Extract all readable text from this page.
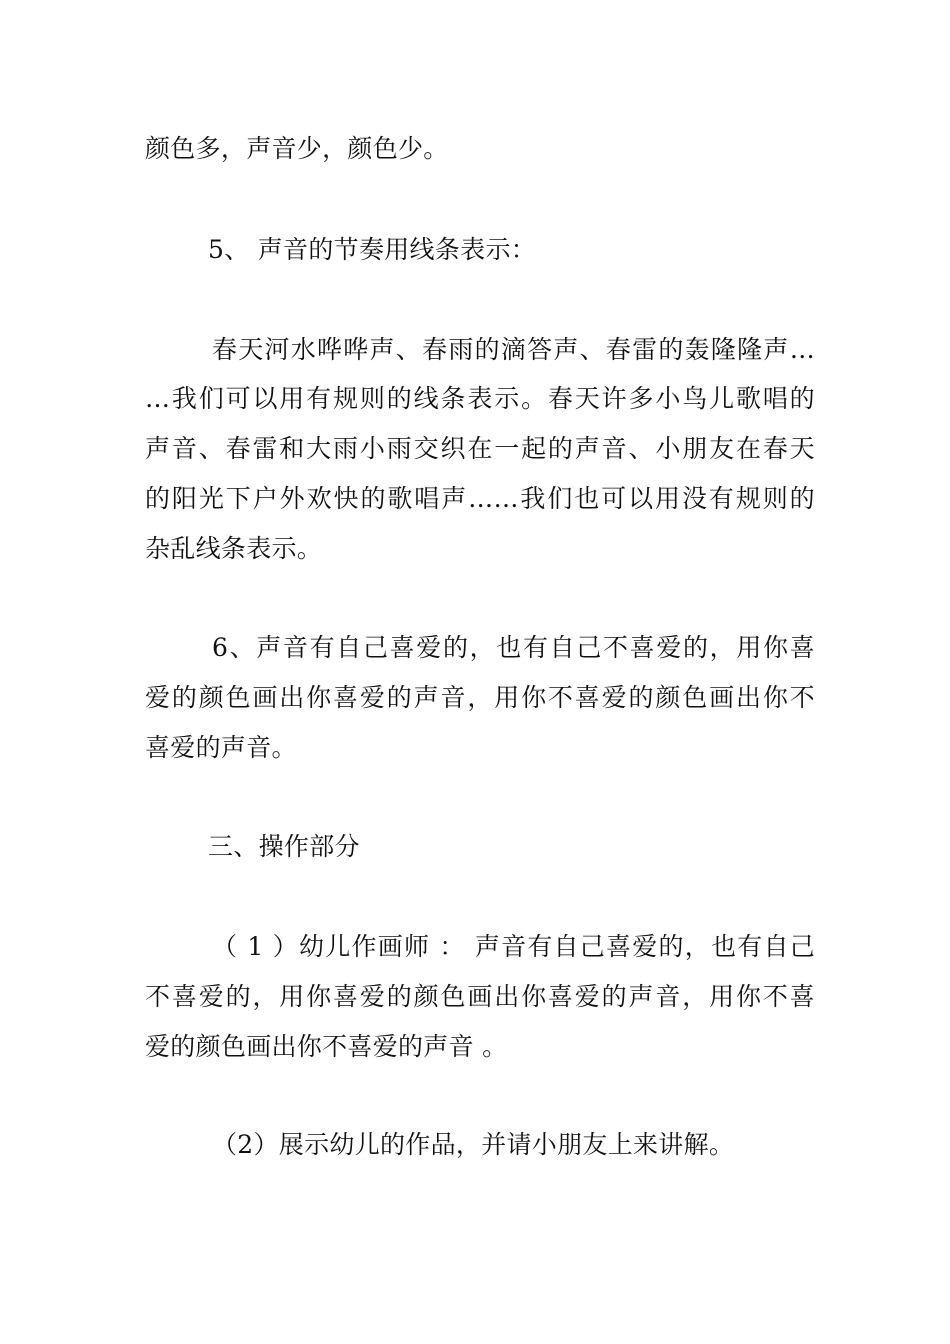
颜色多，声音少，颜色少。
5、 声音的节奏用线条表示：
春天河水哗哗声、春雨的滴答声、春雷的轰隆隆声…
…我们可以用有规则的线条表示。春天许多小鸟儿歌唱的
声音、春雷和大雨小雨交织在一起的声音、小朋友在春天
的阳光下户外欢快的歌唱声……我们也可以用没有规则的
杂乱线条表示。
6、声音有自己喜爱的，也有自己不喜爱的，用你喜
爱的颜色画出你喜爱的声音，用你不喜爱的颜色画出你不
喜爱的声音。
三、操作部分
（ 1 ）幼儿作画师 ： 声音有自己喜爱的，也有自己
不喜爱的，用你喜爱的颜色画出你喜爱的声音，用你不喜
爱的颜色画出你不喜爱的声音 。
（2）展示幼儿的作品，并请小朋友上来讲解。
